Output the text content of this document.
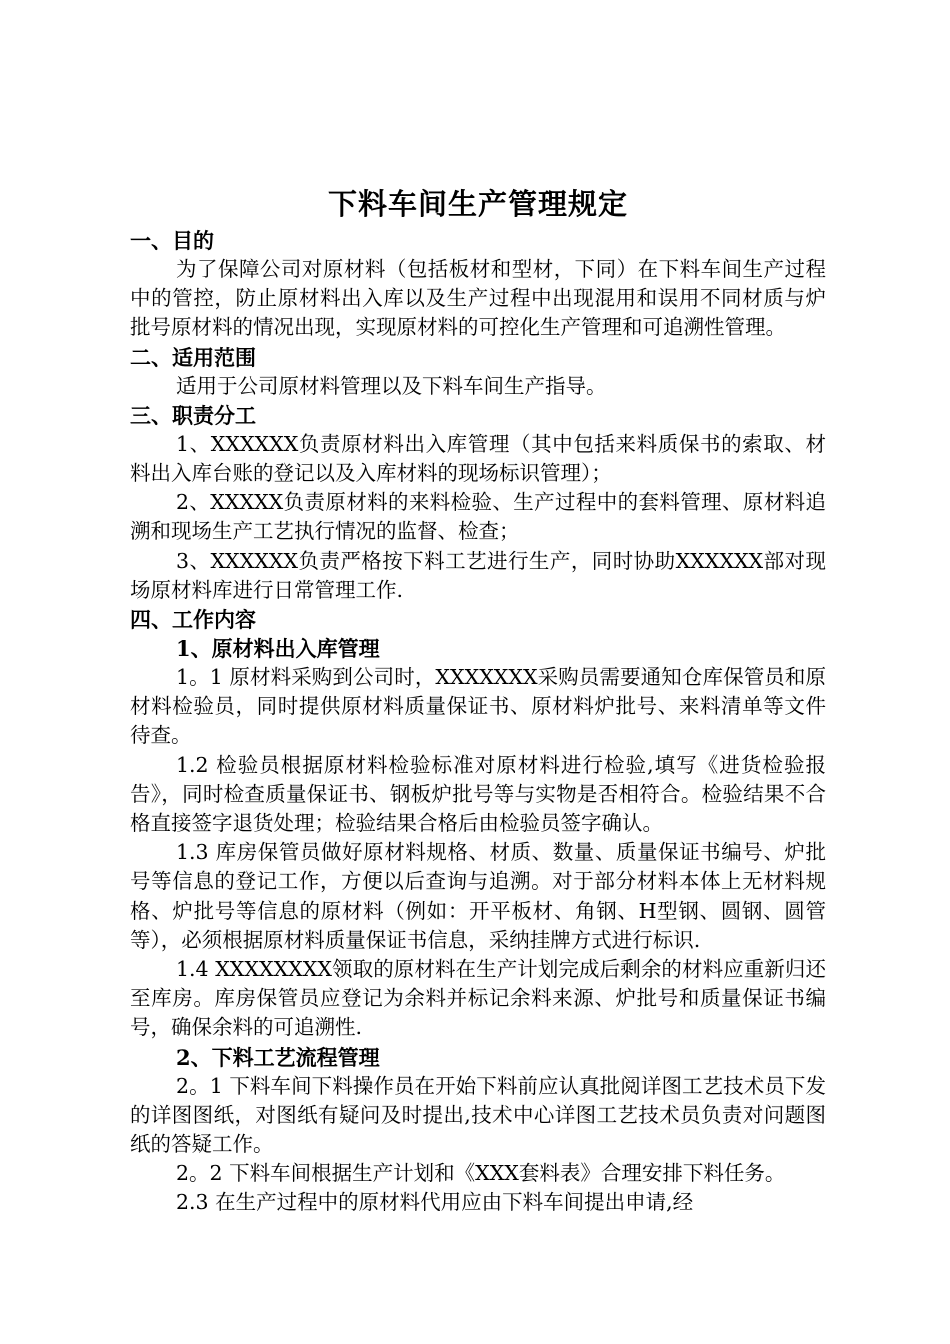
下料车间生产管理规定
一、目的
为了保障公司对原材料（包括板材和型材，下同）在下料车间生产过程中的管控，防止原材料出入库以及生产过程中出现混用和误用不同材质与炉批号原材料的情况出现，实现原材料的可控化生产管理和可追溯性管理。
二、适用范围
适用于公司原材料管理以及下料车间生产指导。
三、职责分工
1、XXXXXX负责原材料出入库管理（其中包括来料质保书的索取、材料出入库台账的登记以及入库材料的现场标识管理）；
2、XXXXX负责原材料的来料检验、生产过程中的套料管理、原材料追溯和现场生产工艺执行情况的监督、检查；
3、XXXXXX负责严格按下料工艺进行生产，同时协助XXXXXX部对现场原材料库进行日常管理工作.
四、工作内容
1、原材料出入库管理
1。1 原材料采购到公司时，XXXXXXX采购员需要通知仓库保管员和原材料检验员，同时提供原材料质量保证书、原材料炉批号、来料清单等文件待查。
1.2 检验员根据原材料检验标准对原材料进行检验,填写《进货检验报告》，同时检查质量保证书、钢板炉批号等与实物是否相符合。检验结果不合格直接签字退货处理；检验结果合格后由检验员签字确认。
1.3 库房保管员做好原材料规格、材质、数量、质量保证书编号、炉批号等信息的登记工作，方便以后查询与追溯。对于部分材料本体上无材料规格、炉批号等信息的原材料（例如：开平板材、角钢、H型钢、圆钢、圆管等），必须根据原材料质量保证书信息，采纳挂牌方式进行标识.
1.4 XXXXXXXX领取的原材料在生产计划完成后剩余的材料应重新归还至库房。库房保管员应登记为余料并标记余料来源、炉批号和质量保证书编号，确保余料的可追溯性.
2、下料工艺流程管理
2。1 下料车间下料操作员在开始下料前应认真批阅详图工艺技术员下发的详图图纸，对图纸有疑问及时提出,技术中心详图工艺技术员负责对问题图纸的答疑工作。
2。2 下料车间根据生产计划和《XXX套料表》合理安排下料任务。
2.3 在生产过程中的原材料代用应由下料车间提出申请,经
